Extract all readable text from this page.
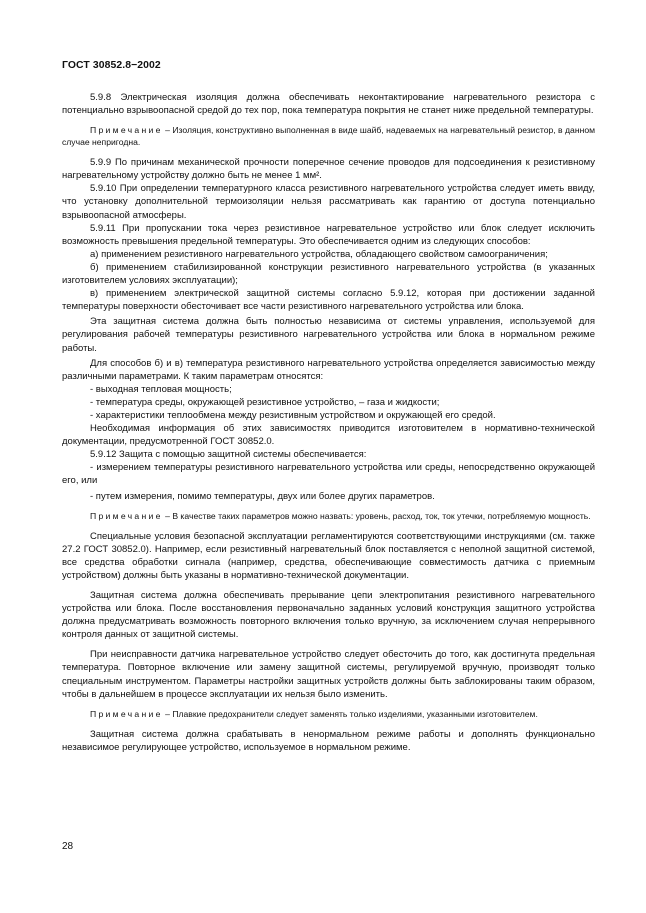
ГОСТ 30852.8−2002

5.9.8 Электрическая изоляция должна обеспечивать неконтактирование нагревательного резистора с потенциально взрывоопасной средой до тех пор, пока температура покрытия не станет ниже предельной температуры.

Примечание – Изоляция, конструктивно выполненная в виде шайб, надеваемых на нагревательный резистор, в данном случае непригодна.

5.9.9 По причинам механической прочности поперечное сечение проводов для подсоединения к резистивному нагревательному устройству должно быть не менее 1 мм².

5.9.10 При определении температурного класса резистивного нагревательного устройства следует иметь ввиду, что установку дополнительной термоизоляции нельзя рассматривать как гарантию от доступа потенциально взрывоопасной атмосферы.

5.9.11 При пропускании тока через резистивное нагревательное устройство или блок следует исключить возможность превышения предельной температуры. Это обеспечивается одним из следующих способов:

а) применением резистивного нагревательного устройства, обладающего свойством самоограничения;

б) применением стабилизированной конструкции резистивного нагревательного устройства (в указанных изготовителем условиях эксплуатации);

в) применением электрической защитной системы согласно 5.9.12, которая при достижении заданной температуры поверхности обесточивает все части резистивного нагревательного устройства или блока.

Эта защитная система должна быть полностью независима от системы управления, используемой для регулирования рабочей температуры резистивного нагревательного устройства или блока в нормальном режиме работы.

Для способов б) и в) температура резистивного нагревательного устройства определяется зависимостью между различными параметрами. К таким параметрам относятся:

- выходная тепловая мощность;

- температура среды, окружающей резистивное устройство, – газа и жидкости;

- характеристики теплообмена между резистивным устройством и окружающей его средой.

Необходимая информация об этих зависимостях приводится изготовителем в нормативно-технической документации, предусмотренной ГОСТ 30852.0.

5.9.12 Защита с помощью защитной системы обеспечивается:

- измерением температуры резистивного нагревательного устройства или среды, непосредственно окружающей его, или

- путем измерения, помимо температуры, двух или более других параметров.

Примечание – В качестве таких параметров можно назвать: уровень, расход, ток, ток утечки, потребляемую мощность.

Специальные условия безопасной эксплуатации регламентируются соответствующими инструкциями (см. также 27.2 ГОСТ 30852.0). Например, если резистивный нагревательный блок поставляется с неполной защитной системой, все средства обработки сигнала (например, средства, обеспечивающие совместимость датчика с приемным устройством) должны быть указаны в нормативно-технической документации.

Защитная система должна обеспечивать прерывание цепи электропитания резистивного нагревательного устройства или блока. После восстановления первоначально заданных условий конструкция защитного устройства должна предусматривать возможность повторного включения только вручную, за исключением случая непрерывного контроля данных от защитной системы.

При неисправности датчика нагревательное устройство следует обесточить до того, как достигнута предельная температура. Повторное включение или замену защитной системы, регулируемой вручную, производят только специальным инструментом. Параметры настройки защитных устройств должны быть заблокированы таким образом, чтобы в дальнейшем в процессе эксплуатации их нельзя было изменить.

Примечание – Плавкие предохранители следует заменять только изделиями, указанными изготовителем.

Защитная система должна срабатывать в ненормальном режиме работы и дополнять функционально независимое регулирующее устройство, используемое в нормальном режиме.

28
